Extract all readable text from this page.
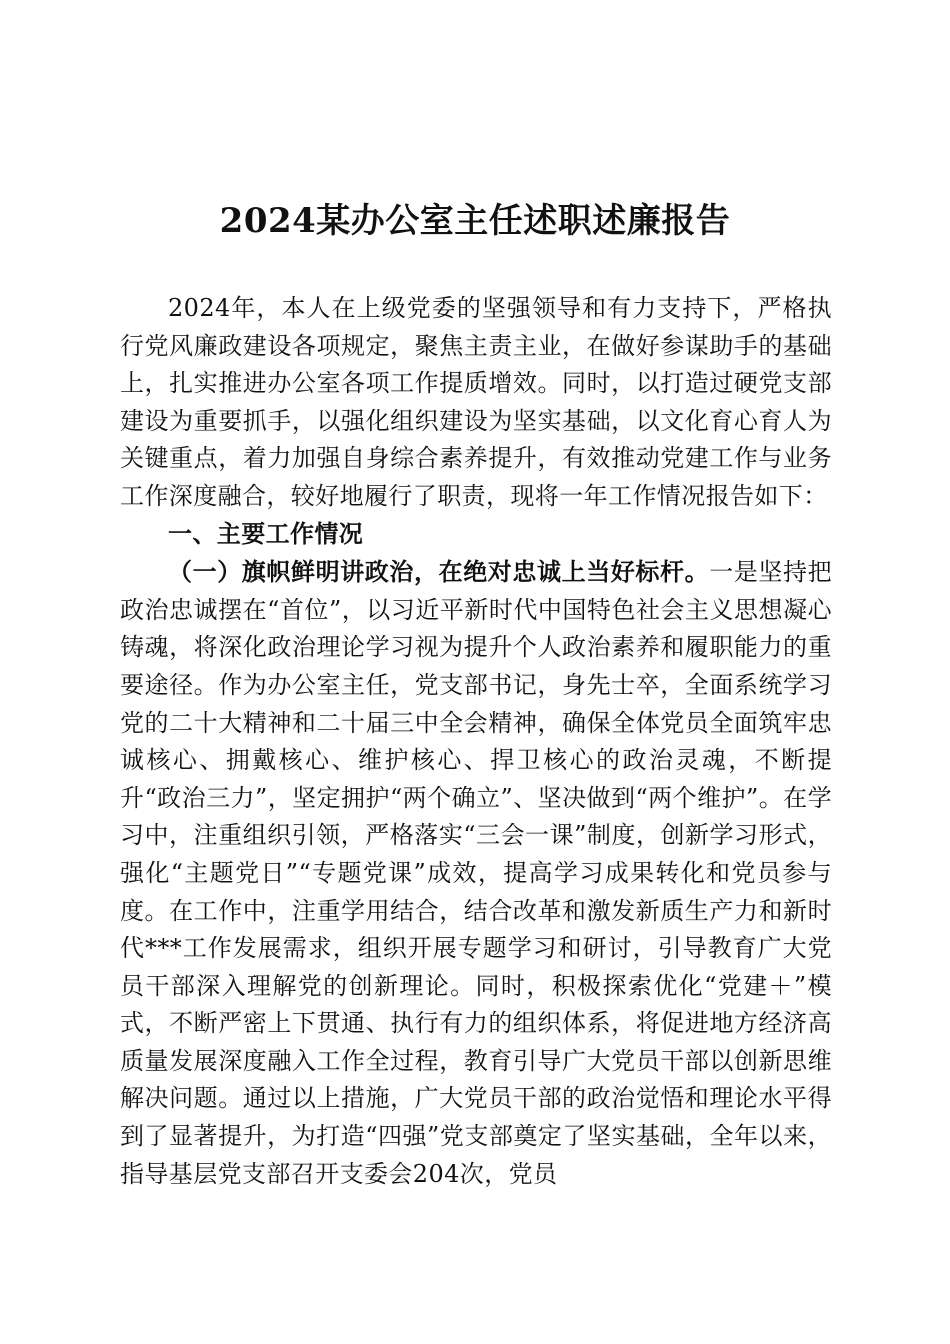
2024某办公室主任述职述廉报告

2024年，本人在上级党委的坚强领导和有力支持下，严格执行党风廉政建设各项规定，聚焦主责主业，在做好参谋助手的基础上，扎实推进办公室各项工作提质增效。同时，以打造过硬党支部建设为重要抓手，以强化组织建设为坚实基础，以文化育心育人为关键重点，着力加强自身综合素养提升，有效推动党建工作与业务工作深度融合，较好地履行了职责，现将一年工作情况报告如下：

一、主要工作情况

（一）旗帜鲜明讲政治，在绝对忠诚上当好标杆。一是坚持把政治忠诚摆在“首位”，以习近平新时代中国特色社会主义思想凝心铸魂，将深化政治理论学习视为提升个人政治素养和履职能力的重要途径。作为办公室主任，党支部书记，身先士卒，全面系统学习党的二十大精神和二十届三中全会精神，确保全体党员全面筑牢忠诚核心、拥戴核心、维护核心、捍卫核心的政治灵魂，不断提升“政治三力”，坚定拥护“两个确立”、坚决做到“两个维护”。在学习中，注重组织引领，严格落实“三会一课”制度，创新学习形式，强化“主题党日”“专题党课”成效，提高学习成果转化和党员参与度。在工作中，注重学用结合，结合改革和激发新质生产力和新时代***工作发展需求，组织开展专题学习和研讨，引导教育广大党员干部深入理解党的创新理论。同时，积极探索优化“党建＋”模式，不断严密上下贯通、执行有力的组织体系，将促进地方经济高质量发展深度融入工作全过程，教育引导广大党员干部以创新思维解决问题。通过以上措施，广大党员干部的政治觉悟和理论水平得到了显著提升，为打造“四强”党支部奠定了坚实基础，全年以来，指导基层党支部召开支委会204次，党员
